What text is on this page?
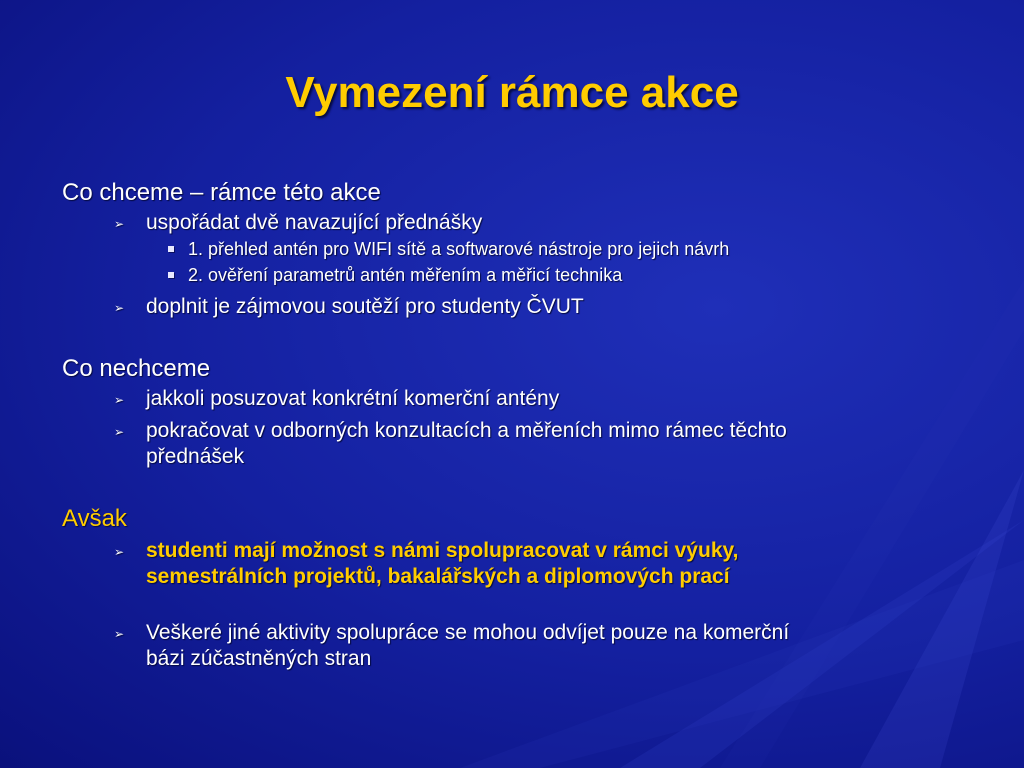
Vymezení rámce akce
Co chceme – rámce této akce
➢ uspořádat dvě navazující přednášky
1. přehled antén pro WIFI sítě a softwarové nástroje pro jejich návrh
2. ověření parametrů antén měřením a měřicí technika
➢ doplnit je zájmovou soutěží pro studenty ČVUT
Co nechceme
➢ jakkoli posuzovat konkrétní komerční antény
➢ pokračovat v odborných konzultacích a měřeních mimo rámec těchto
přednášek
Avšak
➢ studenti mají možnost s námi spolupracovat v rámci výuky,
semestrálních projektů, bakalářských a diplomových prací
➢ Veškeré jiné aktivity spolupráce se mohou odvíjet pouze na komerční
bázi zúčastněných stran
